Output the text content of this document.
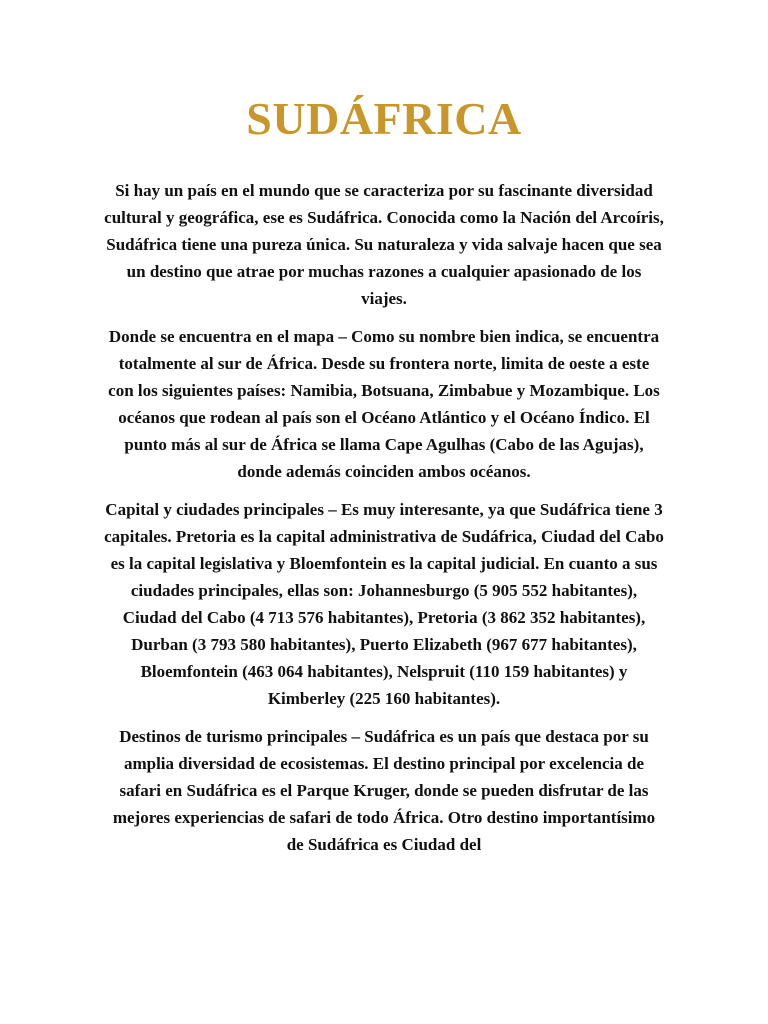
SUDÁFRICA

Si hay un país en el mundo que se caracteriza por su fascinante diversidad cultural y geográfica, ese es Sudáfrica. Conocida como la Nación del Arcoíris, Sudáfrica tiene una pureza única. Su naturaleza y vida salvaje hacen que sea un destino que atrae por muchas razones a cualquier apasionado de los viajes.

Donde se encuentra en el mapa – Como su nombre bien indica, se encuentra totalmente al sur de África. Desde su frontera norte, limita de oeste a este con los siguientes países: Namibia, Botsuana, Zimbabue y Mozambique. Los océanos que rodean al país son el Océano Atlántico y el Océano Índico. El punto más al sur de África se llama Cape Agulhas (Cabo de las Agujas), donde además coinciden ambos océanos.

Capital y ciudades principales – Es muy interesante, ya que Sudáfrica tiene 3 capitales. Pretoria es la capital administrativa de Sudáfrica, Ciudad del Cabo es la capital legislativa y Bloemfontein es la capital judicial. En cuanto a sus ciudades principales, ellas son: Johannesburgo (5 905 552 habitantes), Ciudad del Cabo (4 713 576 habitantes), Pretoria (3 862 352 habitantes), Durban (3 793 580 habitantes), Puerto Elizabeth (967 677 habitantes), Bloemfontein (463 064 habitantes), Nelspruit (110 159 habitantes) y Kimberley (225 160 habitantes).

Destinos de turismo principales – Sudáfrica es un país que destaca por su amplia diversidad de ecosistemas. El destino principal por excelencia de safari en Sudáfrica es el Parque Kruger, donde se pueden disfrutar de las mejores experiencias de safari de todo África. Otro destino importantísimo de Sudáfrica es Ciudad del
